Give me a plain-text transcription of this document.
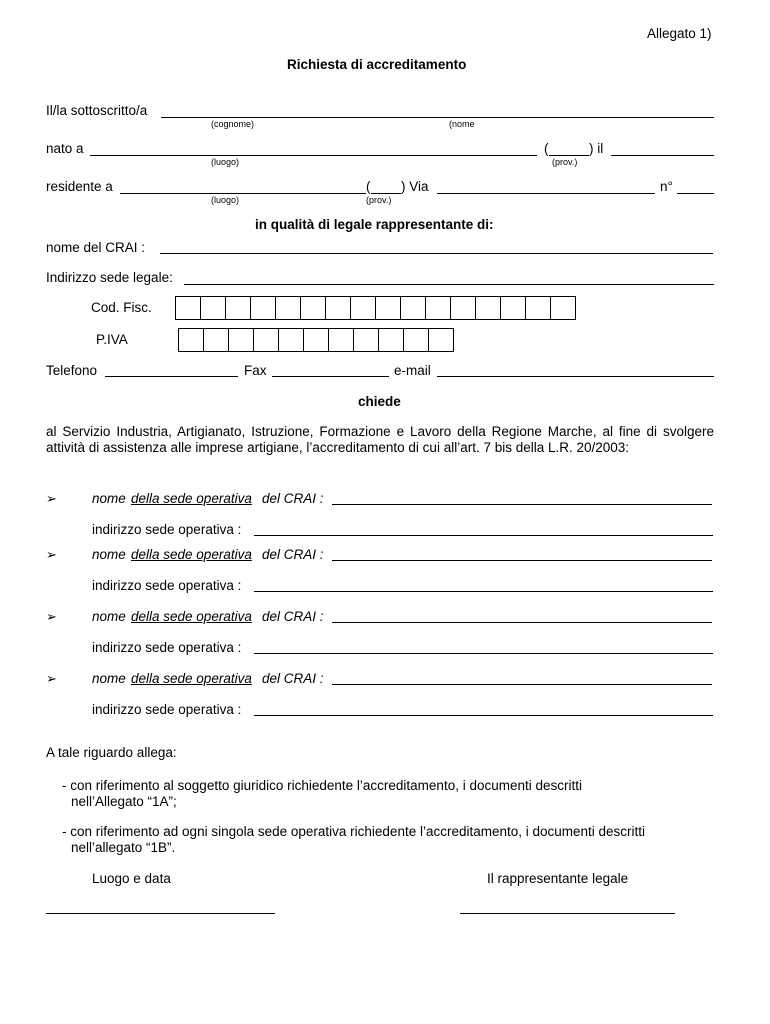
Allegato 1)
Richiesta di accreditamento
Il/la sottoscritto/a
(cognome)	(nome
nato a	(	) il
(luogo)	(prov.)
residente a	( ) Via	n°
(luogo)	(prov.)
in qualità di legale rappresentante di:
nome del CRAI :
Indirizzo sede legale:
Cod. Fisc.
P.IVA
Telefono	Fax	e-mail
chiede
al Servizio Industria, Artigianato, Istruzione, Formazione e Lavoro della Regione Marche, al fine di svolgere attività di assistenza alle imprese artigiane, l’accreditamento di cui all’art. 7 bis della L.R. 20/2003:
➢	nome della sede operativa del CRAI :
indirizzo sede operativa :
➢	nome della sede operativa del CRAI :
indirizzo sede operativa :
➢	nome della sede operativa del CRAI :
indirizzo sede operativa :
➢	nome della sede operativa del CRAI :
indirizzo sede operativa :
A tale riguardo allega:
- con riferimento al soggetto giuridico richiedente l’accreditamento, i documenti descritti
nell’Allegato “1A”;
- con riferimento ad ogni singola sede operativa richiedente l’accreditamento, i documenti descritti
nell’allegato “1B”.
Luogo e data	Il rappresentante legale
